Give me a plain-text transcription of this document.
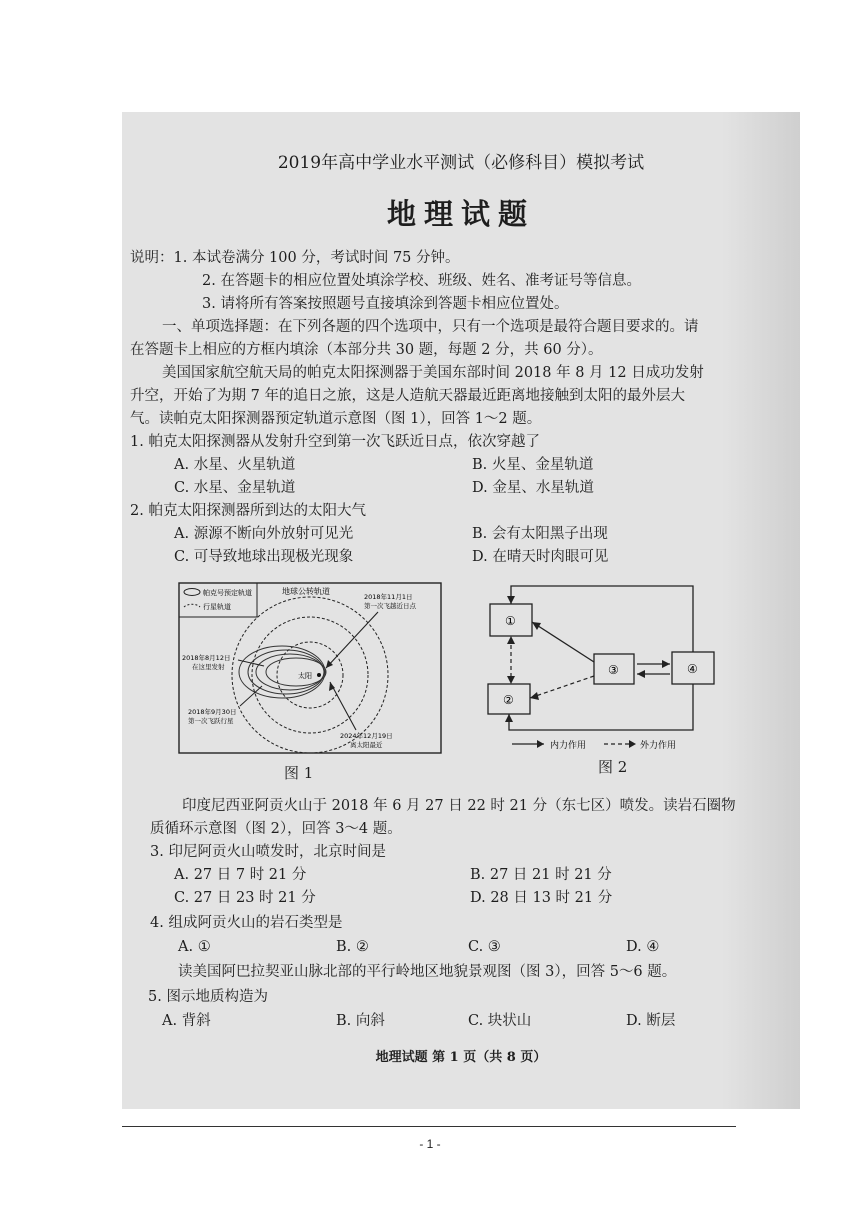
2019年高中学业水平测试（必修科目）模拟考试
地理试题
说明：1. 本试卷满分 100 分，考试时间 75 分钟。
2. 在答题卡的相应位置处填涂学校、班级、姓名、准考证号等信息。
3. 请将所有答案按照题号直接填涂到答题卡相应位置处。
一、单项选择题：在下列各题的四个选项中，只有一个选项是最符合题目要求的。请
在答题卡上相应的方框内填涂（本部分共 30 题，每题 2 分，共 60 分）。
美国国家航空航天局的帕克太阳探测器于美国东部时间 2018 年 8 月 12 日成功发射
升空，开始了为期 7 年的追日之旅，这是人造航天器最近距离地接触到太阳的最外层大
气。读帕克太阳探测器预定轨道示意图（图 1），回答 1～2 题。
1. 帕克太阳探测器从发射升空到第一次飞跃近日点，依次穿越了
A. 水星、火星轨道	B. 火星、金星轨道
C. 水星、金星轨道	D. 金星、水星轨道
2. 帕克太阳探测器所到达的太阳大气
A. 源源不断向外放射可见光	B. 会有太阳黑子出现
C. 可导致地球出现极光现象	D. 在晴天时肉眼可见
帕克号预定轨道
行星轨道
地球公转轨道
太阳
2018年11月1日
第一次飞越近日点
2018年8月12日
在这里发射
2018年9月30日
第一次飞跃行星
2024年12月19日
离太阳最近
图 1
①
②
③	④
内力作用	外力作用
图 2
印度尼西亚阿贡火山于 2018 年 6 月 27 日 22 时 21 分（东七区）喷发。读岩石圈物
质循环示意图（图 2），回答 3～4 题。
3. 印尼阿贡火山喷发时，北京时间是
A. 27 日 7 时 21 分	B. 27 日 21 时 21 分
C. 27 日 23 时 21 分	D. 28 日 13 时 21 分
4. 组成阿贡火山的岩石类型是
A. ①	B. ②	C. ③	D. ④
读美国阿巴拉契亚山脉北部的平行岭地区地貌景观图（图 3），回答 5～6 题。
5. 图示地质构造为
A. 背斜	B. 向斜	C. 块状山	D. 断层
地理试题 第 1 页（共 8 页）
- 1 -
